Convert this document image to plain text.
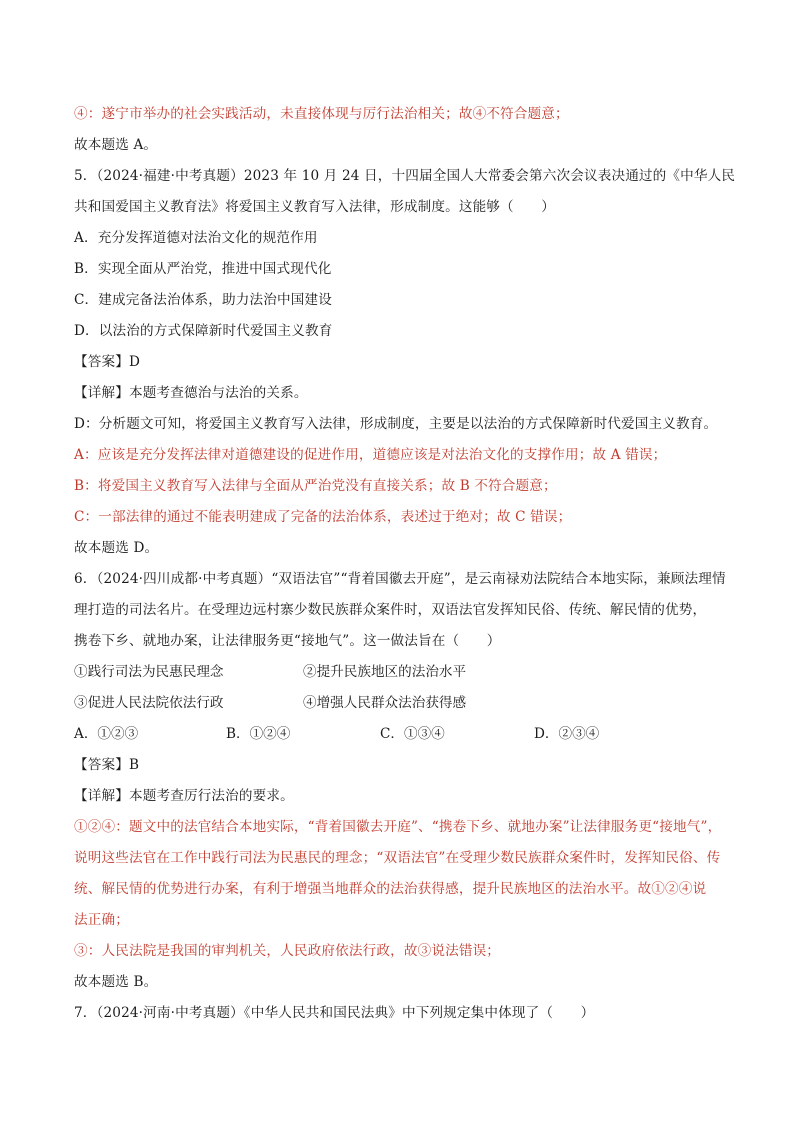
④：遂宁市举办的社会实践活动，未直接体现与厉行法治相关；故④不符合题意；
故本题选 A。
5．（2024·福建·中考真题）2023 年 10 月 24 日，十四届全国人大常委会第六次会议表决通过的《中华人民
共和国爱国主义教育法》将爱国主义教育写入法律，形成制度。这能够（　　）
A．充分发挥道德对法治文化的规范作用
B．实现全面从严治党，推进中国式现代化
C．建成完备法治体系，助力法治中国建设
D．以法治的方式保障新时代爱国主义教育
【答案】D
【详解】本题考查德治与法治的关系。
D：分析题文可知，将爱国主义教育写入法律，形成制度，主要是以法治的方式保障新时代爱国主义教育。
A：应该是充分发挥法律对道德建设的促进作用，道德应该是对法治文化的支撑作用；故 A 错误；
B：将爱国主义教育写入法律与全面从严治党没有直接关系；故 B 不符合题意；
C：一部法律的通过不能表明建成了完备的法治体系，表述过于绝对；故 C 错误；
故本题选 D。
6．（2024·四川成都·中考真题）“双语法官”“背着国徽去开庭”，是云南禄劝法院结合本地实际，兼顾法理情
理打造的司法名片。在受理边远村寨少数民族群众案件时，双语法官发挥知民俗、传统、解民情的优势，
携卷下乡、就地办案，让法律服务更“接地气”。这一做法旨在（　　）
①践行司法为民惠民理念	②提升民族地区的法治水平
③促进人民法院依法行政	④增强人民群众法治获得感
A．①②③	B．①②④	C．①③④	D．②③④
【答案】B
【详解】本题考查厉行法治的要求。
①②④：题文中的法官结合本地实际，“背着国徽去开庭”、“携卷下乡、就地办案”让法律服务更“接地气”，
说明这些法官在工作中践行司法为民惠民的理念；“双语法官”在受理少数民族群众案件时，发挥知民俗、传
统、解民情的优势进行办案，有利于增强当地群众的法治获得感，提升民族地区的法治水平。故①②④说
法正确；
③：人民法院是我国的审判机关，人民政府依法行政，故③说法错误；
故本题选 B。
7．（2024·河南·中考真题）《中华人民共和国民法典》中下列规定集中体现了（　　）
